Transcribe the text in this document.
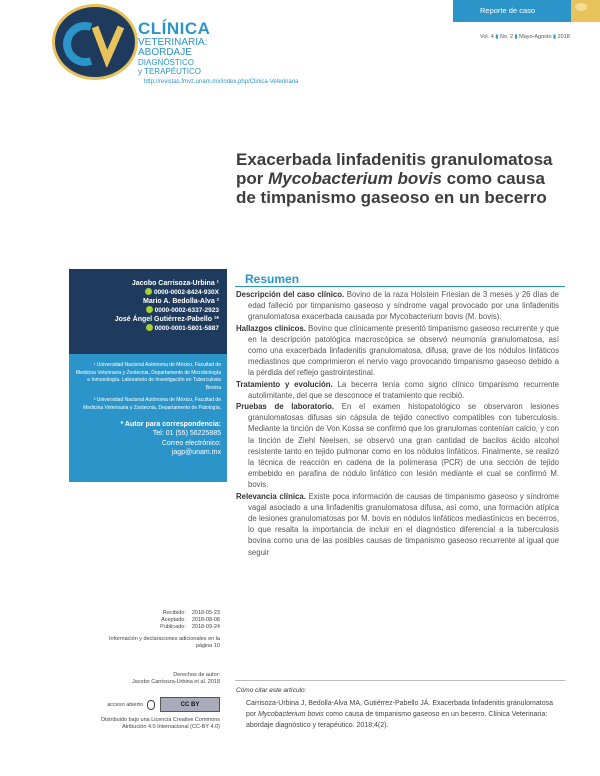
CLÍNICA
VETERINARIA:
ABORDAJE
DIAGNÓSTICO
y TERAPÉUTICO
Reporte de caso
Vol. 4 ▮ No. 2 ▮ Mayo-Agosto ▮ 2018
http://revistas.fmvz.unam.mx/index.php/Clinica-Veterinaria
Exacerbada linfadenitis granulomatosa
por Mycobacterium bovis como causa
de timpanismo gaseoso en un becerro
Jacobo Carrisoza-Urbina ¹
0000-0002-8424-930X
Mario A. Bedolla-Alva ²
0000-0002-6337-2923
José Ángel Gutiérrez-Pabello ¹*
0000-0001-5801-5887
¹ Universidad Nacional Autónoma de México, Facultad de Medicina Veterinaria y Zootecnia, Departamento de Microbiología e Inmunología. Laboratorio de Investigación en Tuberculosis Bovina
² Universidad Nacional Autónoma de México, Facultad de Medicina Veterinaria y Zootecnia, Departamento de Patología.
* Autor para correspondencia:
Tel: 01 (55) 56225885
Correo electrónico:
jagp@unam.mx
Recibido: 2018-05-23
Aceptado: 2018-08-08
Publicado: 2018-09-24
Información y declaraciones adicionales en la página 10
Derechos de autor:
Jacobo Carrisoza-Urbina et al. 2018
acceso abierto	CC BY
Distribuido bajo una Licencia Creative Commons Atribución 4.0 Internacional (CC-BY 4.0)
Resumen

Descripción del caso clínico. Bovino de la raza Holstein Friesian de 3 meses y 26 días de edad falleció por timpanismo gaseoso y síndrome vagal provocado por una linfadenitis granulomatosa exacerbada causada por Mycobacterium bovis (M. bovis).

Hallazgos clínicos. Bovino que clínicamente presentó timpanismo gaseoso recurrente y que en la descripción patológica macroscópica se observó neumonía granulomatosa, así como una exacerbada linfadenitis granulomatosa, difusa, grave de los nódulos linfáticos mediastinos que comprimieron el nervio vago provocando timpanismo gaseoso debido a la pérdida del reflejo gastrointestinal.

Tratamiento y evolución. La becerra tenía como signo clínico timpanismo recurrente autolimitante, del que se desconoce el tratamiento que recibió.

Pruebas de laboratorio. En el examen histopatológico se observaron lesiones granulomatosas difusas sin cápsula de tejido conectivo compatibles con tuberculosis. Mediante la tinción de Von Kossa se confirmó que los granulomas contenían calcio, y con la tinción de Ziehl Neelsen, se observó una gran cantidad de bacilos ácido alcohol resistente tanto en tejido pulmonar como en los nódulos linfáticos. Finalmente, se realizó la técnica de reacción en cadena de la polimerasa (PCR) de una sección de tejido embebido en parafina de nódulo linfático con lesión mediante el cual se confirmó M. bovis.

Relevancia clínica. Existe poca información de causas de timpanismo gaseoso y síndrome vagal asociado a una linfadenitis granulomatosa difusa, así como, una formación atípica de lesiones granulomatosas por M. bovis en nódulos linfáticos mediastínicos en becerros, lo que resalta la importancia de incluir en el diagnóstico diferencial a la tuberculosis bovina como una de las posibles causas de timpanismo gaseoso recurrente al igual que seguir

Cómo citar este artículo:
Carrisoza-Urbina J, Bedolla-Alva MA, Gutiérrez-Pabello JÁ. Exacerbada linfadenitis granulomatosa por Mycobacterium bovis como causa de timpanismo gaseoso en un becerro. Clínica Veterinaria: abordaje diagnóstico y terapéutico. 2018;4(2).
